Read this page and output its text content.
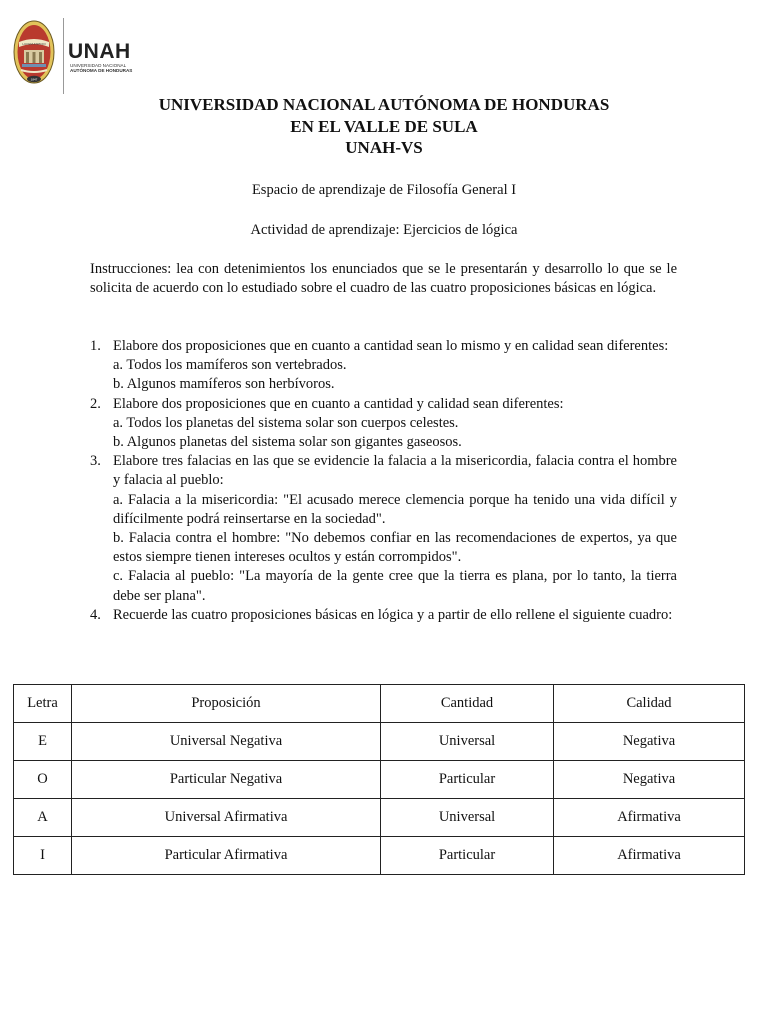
LUCEM ASPICIO
1847
UNAH
UNIVERSIDAD NACIONAL
AUTÓNOMA DE HONDURAS
UNIVERSIDAD NACIONAL AUTÓNOMA DE HONDURAS
EN EL VALLE DE SULA
UNAH-VS
Espacio de aprendizaje de Filosofía General I
Actividad de aprendizaje: Ejercicios de lógica
Instrucciones: lea con detenimientos los enunciados que se le presentarán y desarrollo lo que se le solicita de acuerdo con lo estudiado sobre el cuadro de las cuatro proposiciones básicas en lógica.
1. Elabore dos proposiciones que en cuanto a cantidad sean lo mismo y en calidad sean diferentes:
a. Todos los mamíferos son vertebrados.
b. Algunos mamíferos son herbívoros.
2. Elabore dos proposiciones que en cuanto a cantidad y calidad sean diferentes:
a. Todos los planetas del sistema solar son cuerpos celestes.
b. Algunos planetas del sistema solar son gigantes gaseosos.
3. Elabore tres falacias en las que se evidencie la falacia a la misericordia, falacia contra el hombre y falacia al pueblo:
a. Falacia a la misericordia: "El acusado merece clemencia porque ha tenido una vida difícil y difícilmente podrá reinsertarse en la sociedad".
b. Falacia contra el hombre: "No debemos confiar en las recomendaciones de expertos, ya que estos siempre tienen intereses ocultos y están corrompidos".
c. Falacia al pueblo: "La mayoría de la gente cree que la tierra es plana, por lo tanto, la tierra debe ser plana".
4. Recuerde las cuatro proposiciones básicas en lógica y a partir de ello rellene el siguiente cuadro:
Letra	Proposición	Cantidad	Calidad
E	Universal Negativa	Universal	Negativa
O	Particular Negativa	Particular	Negativa
A	Universal Afirmativa	Universal	Afirmativa
I	Particular Afirmativa	Particular	Afirmativa
